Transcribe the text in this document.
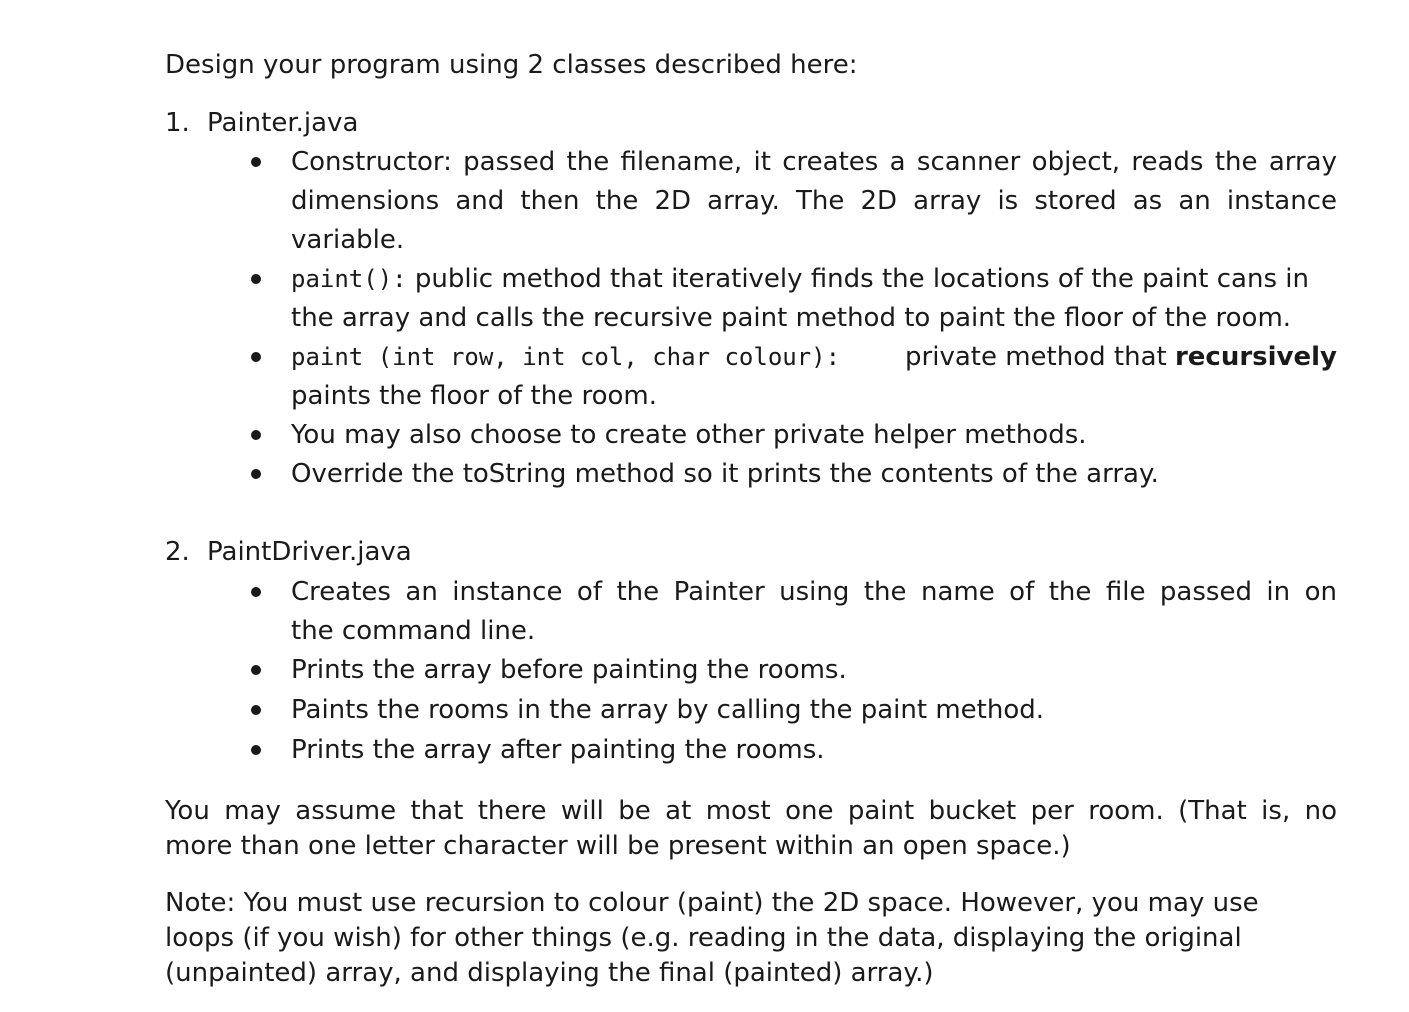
Design your program using 2 classes described here:
1. Painter.java
Constructor: passed the filename, it creates a scanner object, reads the array
dimensions and then the 2D array. The 2D array is stored as an instance
variable.
paint(): public method that iteratively finds the locations of the paint cans in
the array and calls the recursive paint method to paint the floor of the room.
paint (int row, int col, char colour): private method that recursively
paints the floor of the room.
You may also choose to create other private helper methods.
Override the toString method so it prints the contents of the array.
2. PaintDriver.java
Creates an instance of the Painter using the name of the file passed in on
the command line.
Prints the array before painting the rooms.
Paints the rooms in the array by calling the paint method.
Prints the array after painting the rooms.
You may assume that there will be at most one paint bucket per room. (That is, no
more than one letter character will be present within an open space.)
Note: You must use recursion to colour (paint) the 2D space. However, you may use
loops (if you wish) for other things (e.g. reading in the data, displaying the original
(unpainted) array, and displaying the final (painted) array.)
